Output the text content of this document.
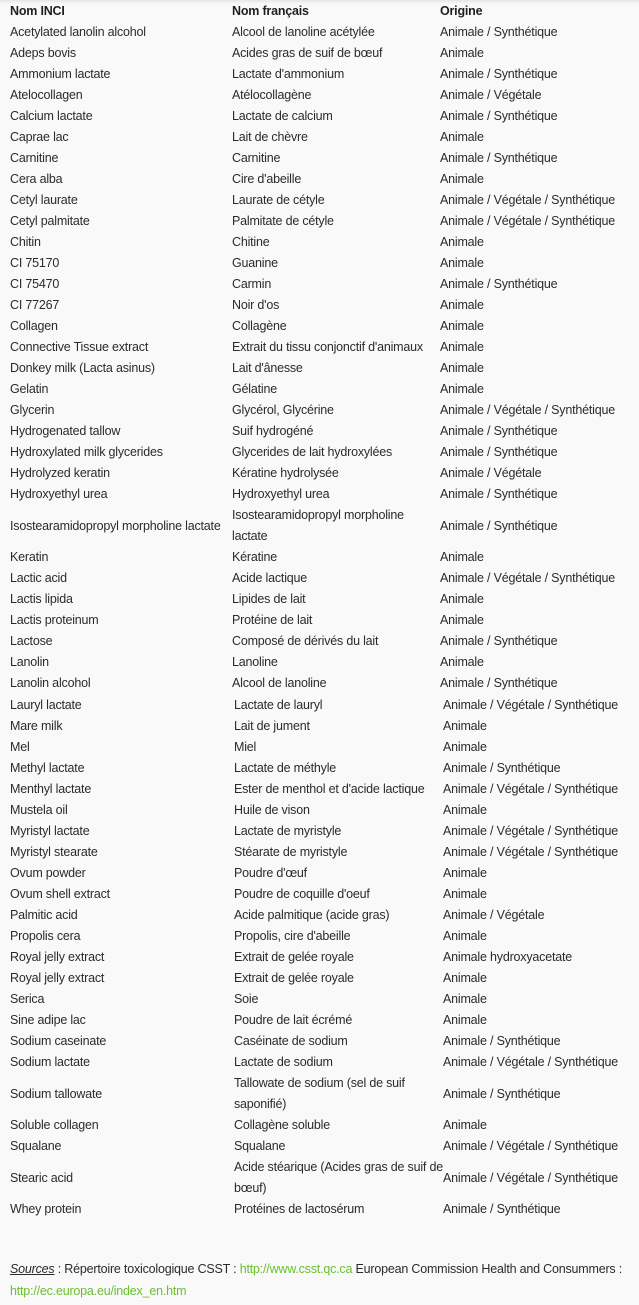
Nom INCI	Nom français	Origine
Acetylated lanolin alcohol	Alcool de lanoline acétylée	Animale / Synthétique
Adeps bovis	Acides gras de suif de bœuf	Animale
Ammonium lactate	Lactate d'ammonium	Animale / Synthétique
Atelocollagen	Atélocollagène	Animale / Végétale
Calcium lactate	Lactate de calcium	Animale / Synthétique
Caprae lac	Lait de chèvre	Animale
Carnitine	Carnitine	Animale / Synthétique
Cera alba	Cire d'abeille	Animale
Cetyl laurate	Laurate de cétyle	Animale / Végétale / Synthétique
Cetyl palmitate	Palmitate de cétyle	Animale / Végétale / Synthétique
Chitin	Chitine	Animale
CI 75170	Guanine	Animale
CI 75470	Carmin	Animale / Synthétique
CI 77267	Noir d'os	Animale
Collagen	Collagène	Animale
Connective Tissue extract	Extrait du tissu conjonctif d'animaux	Animale
Donkey milk (Lacta asinus)	Lait d'ânesse	Animale
Gelatin	Gélatine	Animale
Glycerin	Glycérol, Glycérine	Animale / Végétale / Synthétique
Hydrogenated tallow	Suif hydrogéné	Animale / Synthétique
Hydroxylated milk glycerides	Glycerides de lait hydroxylées	Animale / Synthétique
Hydrolyzed keratin	Kératine hydrolysée	Animale / Végétale
Hydroxyethyl urea	Hydroxyethyl urea	Animale / Synthétique
Isostearamidopropyl morpholine lactate	Isostearamidopropyl morpholine lactate	Animale / Synthétique
Keratin	Kératine	Animale
Lactic acid	Acide lactique	Animale / Végétale / Synthétique
Lactis lipida	Lipides de lait	Animale
Lactis proteinum	Protéine de lait	Animale
Lactose	Composé de dérivés du lait	Animale / Synthétique
Lanolin	Lanoline	Animale
Lanolin alcohol	Alcool de lanoline	Animale / Synthétique
Lauryl lactate	Lactate de lauryl	Animale / Végétale / Synthétique
Mare milk	Lait de jument	Animale
Mel	Miel	Animale
Methyl lactate	Lactate de méthyle	Animale / Synthétique
Menthyl lactate	Ester de menthol et d'acide lactique	Animale / Végétale / Synthétique
Mustela oil	Huile de vison	Animale
Myristyl lactate	Lactate de myristyle	Animale / Végétale / Synthétique
Myristyl stearate	Stéarate de myristyle	Animale / Végétale / Synthétique
Ovum powder	Poudre d'œuf	Animale
Ovum shell extract	Poudre de coquille d'oeuf	Animale
Palmitic acid	Acide palmitique (acide gras)	Animale / Végétale
Propolis cera	Propolis, cire d'abeille	Animale
Royal jelly extract	Extrait de gelée royale	Animale hydroxyacetate
Royal jelly extract	Extrait de gelée royale	Animale
Serica	Soie	Animale
Sine adipe lac	Poudre de lait écrémé	Animale
Sodium caseinate	Caséinate de sodium	Animale / Synthétique
Sodium lactate	Lactate de sodium	Animale / Végétale / Synthétique
Sodium tallowate	Tallowate de sodium (sel de suif saponifié)	Animale / Synthétique
Soluble collagen	Collagène soluble	Animale
Squalane	Squalane	Animale / Végétale / Synthétique
Stearic acid	Acide stéarique (Acides gras de suif de bœuf)	Animale / Végétale / Synthétique
Whey protein	Protéines de lactosérum	Animale / Synthétique
Sources : Répertoire toxicologique CSST : http://www.csst.qc.ca European Commission Health and Consummers : http://ec.europa.eu/index_en.htm
